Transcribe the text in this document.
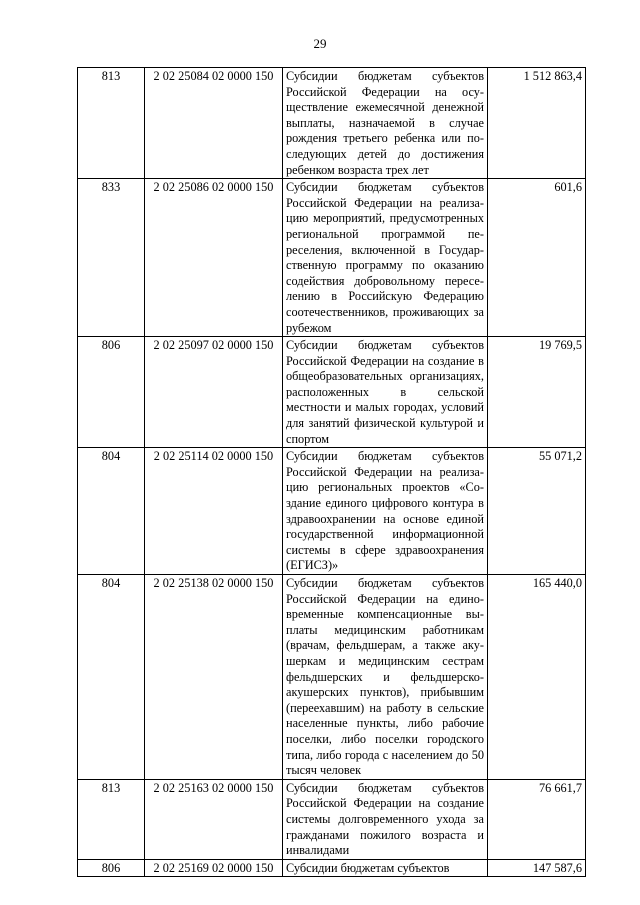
29
813	2 02 25084 02 0000 150	Субсидии бюджетам субъектов Российской Федерации на осуществление ежемесячной денежной выплаты, назначаемой в случае рождения третьего ребенка или последующих детей до достижения ребенком возраста трех лет	1 512 863,4
833	2 02 25086 02 0000 150	Субсидии бюджетам субъектов Российской Федерации на реализацию мероприятий, предусмотренных региональной программой переселения, включенной в Государственную программу по оказанию содействия добровольному переселению в Российскую Федерацию соотечественников, проживающих за рубежом	601,6
806	2 02 25097 02 0000 150	Субсидии бюджетам субъектов Российской Федерации на создание в общеобразовательных организациях, расположенных в сельской местности и малых городах, условий для занятий физической культурой и спортом	19 769,5
804	2 02 25114 02 0000 150	Субсидии бюджетам субъектов Российской Федерации на реализацию региональных проектов «Создание единого цифрового контура в здравоохранении на основе единой государственной информационной системы в сфере здравоохранения (ЕГИСЗ)»	55 071,2
804	2 02 25138 02 0000 150	Субсидии бюджетам субъектов Российской Федерации на единовременные компенсационные выплаты медицинским работникам (врачам, фельдшерам, а также акушеркам и медицинским сестрам фельдшерских и фельдшерско-акушерских пунктов), прибывшим (переехавшим) на работу в сельские населенные пункты, либо рабочие поселки, либо поселки городского типа, либо города с населением до 50 тысяч человек	165 440,0
813	2 02 25163 02 0000 150	Субсидии бюджетам субъектов Российской Федерации на создание системы долговременного ухода за гражданами пожилого возраста и инвалидами	76 661,7
806	2 02 25169 02 0000 150	Субсидии бюджетам субъектов	147 587,6
